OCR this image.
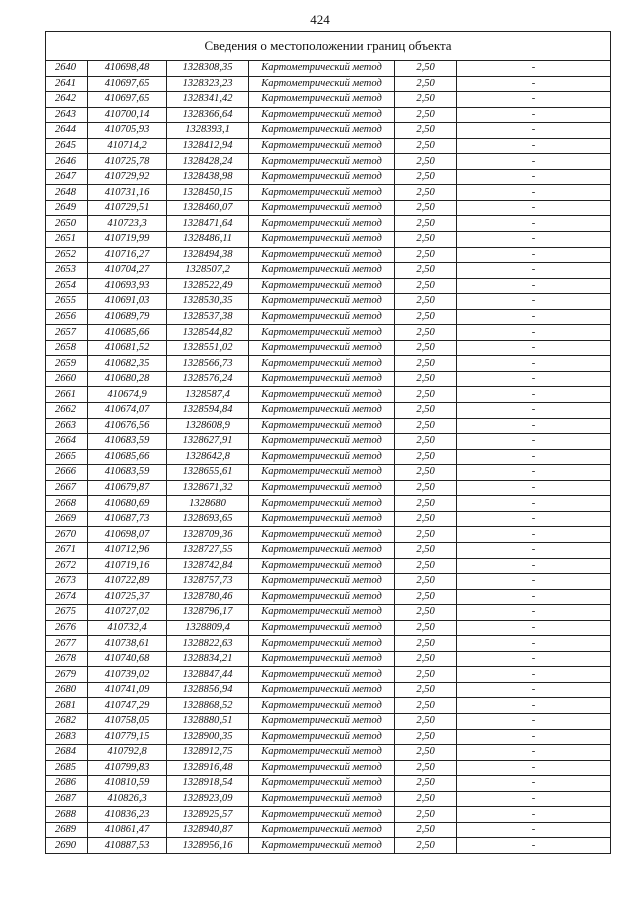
424
Сведения о местоположении границ объекта					
2640	410698,48	1328308,35	Картометрический метод	2,50	-
2641	410697,65	1328323,23	Картометрический метод	2,50	-
2642	410697,65	1328341,42	Картометрический метод	2,50	-
2643	410700,14	1328366,64	Картометрический метод	2,50	-
2644	410705,93	1328393,1	Картометрический метод	2,50	-
2645	410714,2	1328412,94	Картометрический метод	2,50	-
2646	410725,78	1328428,24	Картометрический метод	2,50	-
2647	410729,92	1328438,98	Картометрический метод	2,50	-
2648	410731,16	1328450,15	Картометрический метод	2,50	-
2649	410729,51	1328460,07	Картометрический метод	2,50	-
2650	410723,3	1328471,64	Картометрический метод	2,50	-
2651	410719,99	1328486,11	Картометрический метод	2,50	-
2652	410716,27	1328494,38	Картометрический метод	2,50	-
2653	410704,27	1328507,2	Картометрический метод	2,50	-
2654	410693,93	1328522,49	Картометрический метод	2,50	-
2655	410691,03	1328530,35	Картометрический метод	2,50	-
2656	410689,79	1328537,38	Картометрический метод	2,50	-
2657	410685,66	1328544,82	Картометрический метод	2,50	-
2658	410681,52	1328551,02	Картометрический метод	2,50	-
2659	410682,35	1328566,73	Картометрический метод	2,50	-
2660	410680,28	1328576,24	Картометрический метод	2,50	-
2661	410674,9	1328587,4	Картометрический метод	2,50	-
2662	410674,07	1328594,84	Картометрический метод	2,50	-
2663	410676,56	1328608,9	Картометрический метод	2,50	-
2664	410683,59	1328627,91	Картометрический метод	2,50	-
2665	410685,66	1328642,8	Картометрический метод	2,50	-
2666	410683,59	1328655,61	Картометрический метод	2,50	-
2667	410679,87	1328671,32	Картометрический метод	2,50	-
2668	410680,69	1328680	Картометрический метод	2,50	-
2669	410687,73	1328693,65	Картометрический метод	2,50	-
2670	410698,07	1328709,36	Картометрический метод	2,50	-
2671	410712,96	1328727,55	Картометрический метод	2,50	-
2672	410719,16	1328742,84	Картометрический метод	2,50	-
2673	410722,89	1328757,73	Картометрический метод	2,50	-
2674	410725,37	1328780,46	Картометрический метод	2,50	-
2675	410727,02	1328796,17	Картометрический метод	2,50	-
2676	410732,4	1328809,4	Картометрический метод	2,50	-
2677	410738,61	1328822,63	Картометрический метод	2,50	-
2678	410740,68	1328834,21	Картометрический метод	2,50	-
2679	410739,02	1328847,44	Картометрический метод	2,50	-
2680	410741,09	1328856,94	Картометрический метод	2,50	-
2681	410747,29	1328868,52	Картометрический метод	2,50	-
2682	410758,05	1328880,51	Картометрический метод	2,50	-
2683	410779,15	1328900,35	Картометрический метод	2,50	-
2684	410792,8	1328912,75	Картометрический метод	2,50	-
2685	410799,83	1328916,48	Картометрический метод	2,50	-
2686	410810,59	1328918,54	Картометрический метод	2,50	-
2687	410826,3	1328923,09	Картометрический метод	2,50	-
2688	410836,23	1328925,57	Картометрический метод	2,50	-
2689	410861,47	1328940,87	Картометрический метод	2,50	-
2690	410887,53	1328956,16	Картометрический метод	2,50	-
